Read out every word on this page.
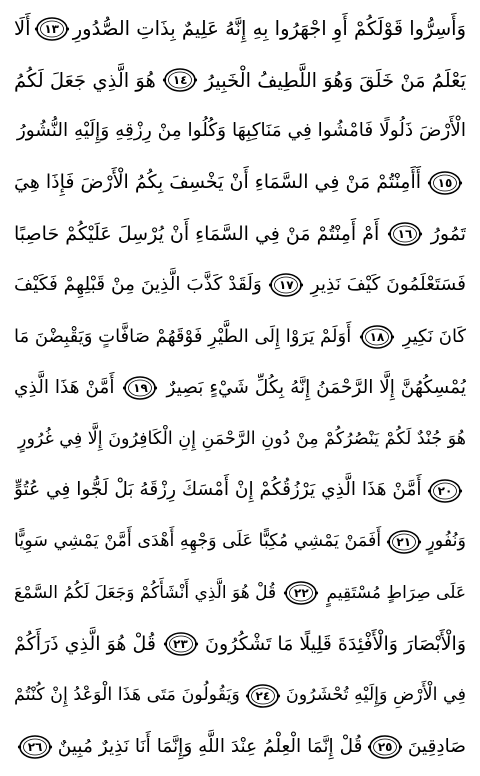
وَأَسِرُّوا قَوْلَكُمْ أَوِ اجْهَرُوا بِهِ إِنَّهُ عَلِيمٌ بِذَاتِ الصُّدُورِ
١٣
أَلَا
يَعْلَمُ مَنْ خَلَقَ وَهُوَ اللَّطِيفُ الْخَبِيرُ
١٤
هُوَ الَّذِي جَعَلَ لَكُمُ
الْأَرْضَ ذَلُولًا فَامْشُوا فِي مَنَاكِبِهَا وَكُلُوا مِنْ رِزْقِهِ وَإِلَيْهِ النُّشُورُ
١٥
أَأَمِنْتُمْ مَنْ فِي السَّمَاءِ أَنْ يَخْسِفَ بِكُمُ الْأَرْضَ فَإِذَا هِيَ
تَمُورُ
١٦
أَمْ أَمِنْتُمْ مَنْ فِي السَّمَاءِ أَنْ يُرْسِلَ عَلَيْكُمْ حَاصِبًا
فَسَتَعْلَمُونَ كَيْفَ نَذِيرِ
١٧
وَلَقَدْ كَذَّبَ الَّذِينَ مِنْ قَبْلِهِمْ فَكَيْفَ
كَانَ نَكِيرِ
١٨
أَوَلَمْ يَرَوْا إِلَى الطَّيْرِ فَوْقَهُمْ صَافَّاتٍ وَيَقْبِضْنَ مَا
يُمْسِكُهُنَّ إِلَّا الرَّحْمَنُ إِنَّهُ بِكُلِّ شَيْءٍ بَصِيرٌ
١٩
أَمَّنْ هَذَا الَّذِي
هُوَ جُنْدٌ لَكُمْ يَنْصُرُكُمْ مِنْ دُونِ الرَّحْمَنِ إِنِ الْكَافِرُونَ إِلَّا فِي غُرُورٍ
٢٠
أَمَّنْ هَذَا الَّذِي يَرْزُقُكُمْ إِنْ أَمْسَكَ رِزْقَهُ بَلْ لَجُّوا فِي عُتُوٍّ
وَنُفُورٍ
٢١
أَفَمَنْ يَمْشِي مُكِبًّا عَلَى وَجْهِهِ أَهْدَى أَمَّنْ يَمْشِي سَوِيًّا
عَلَى صِرَاطٍ مُسْتَقِيمٍ
٢٢
قُلْ هُوَ الَّذِي أَنْشَأَكُمْ وَجَعَلَ لَكُمُ السَّمْعَ
وَالْأَبْصَارَ وَالْأَفْئِدَةَ قَلِيلًا مَا تَشْكُرُونَ
٢٣
قُلْ هُوَ الَّذِي ذَرَأَكُمْ
فِي الْأَرْضِ وَإِلَيْهِ تُحْشَرُونَ
٢٤
وَيَقُولُونَ مَتَى هَذَا الْوَعْدُ إِنْ كُنْتُمْ
صَادِقِينَ
٢٥
قُلْ إِنَّمَا الْعِلْمُ عِنْدَ اللَّهِ وَإِنَّمَا أَنَا نَذِيرٌ مُبِينٌ
٢٦
